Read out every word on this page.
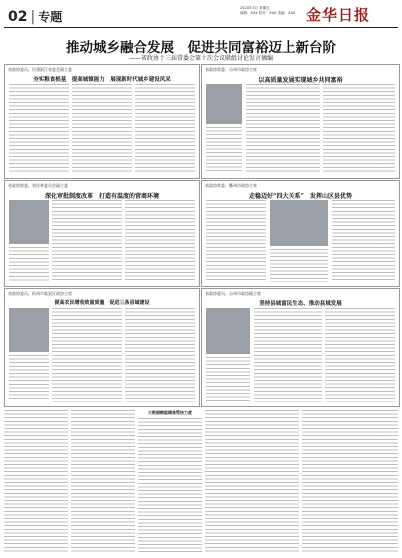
02 | 专题
2024年3月 星期五
编辑：XXX 校对：XXX 美编：XXX 金华日报
推动城乡融合发展　促进共同富裕迈上新台阶
——省政协十三届常委会第十次会议联组讨论发言摘编
省政协委员、民建浙江省委会副主委
夯实粮食根基　提高城镇能力　展现新时代城乡建设风采
省政协常委、台州市政协主席
以高质量发展实现城乡共同富裕
省政协常委、省民革委员会副主委
深化审批制度改革　打造有温度的营商环境
省政协常委、衢州市政协主席
走稳迈好“四大关系”　发挥山区县优势
省政协委员、杭州市临安区政协主席
提高农民增收致富质量　促进三条县域建设
省政协委员、台州市政协副主席
坚持县城富民生态、推动县域发展
大数据赋能精准帮扶力度
